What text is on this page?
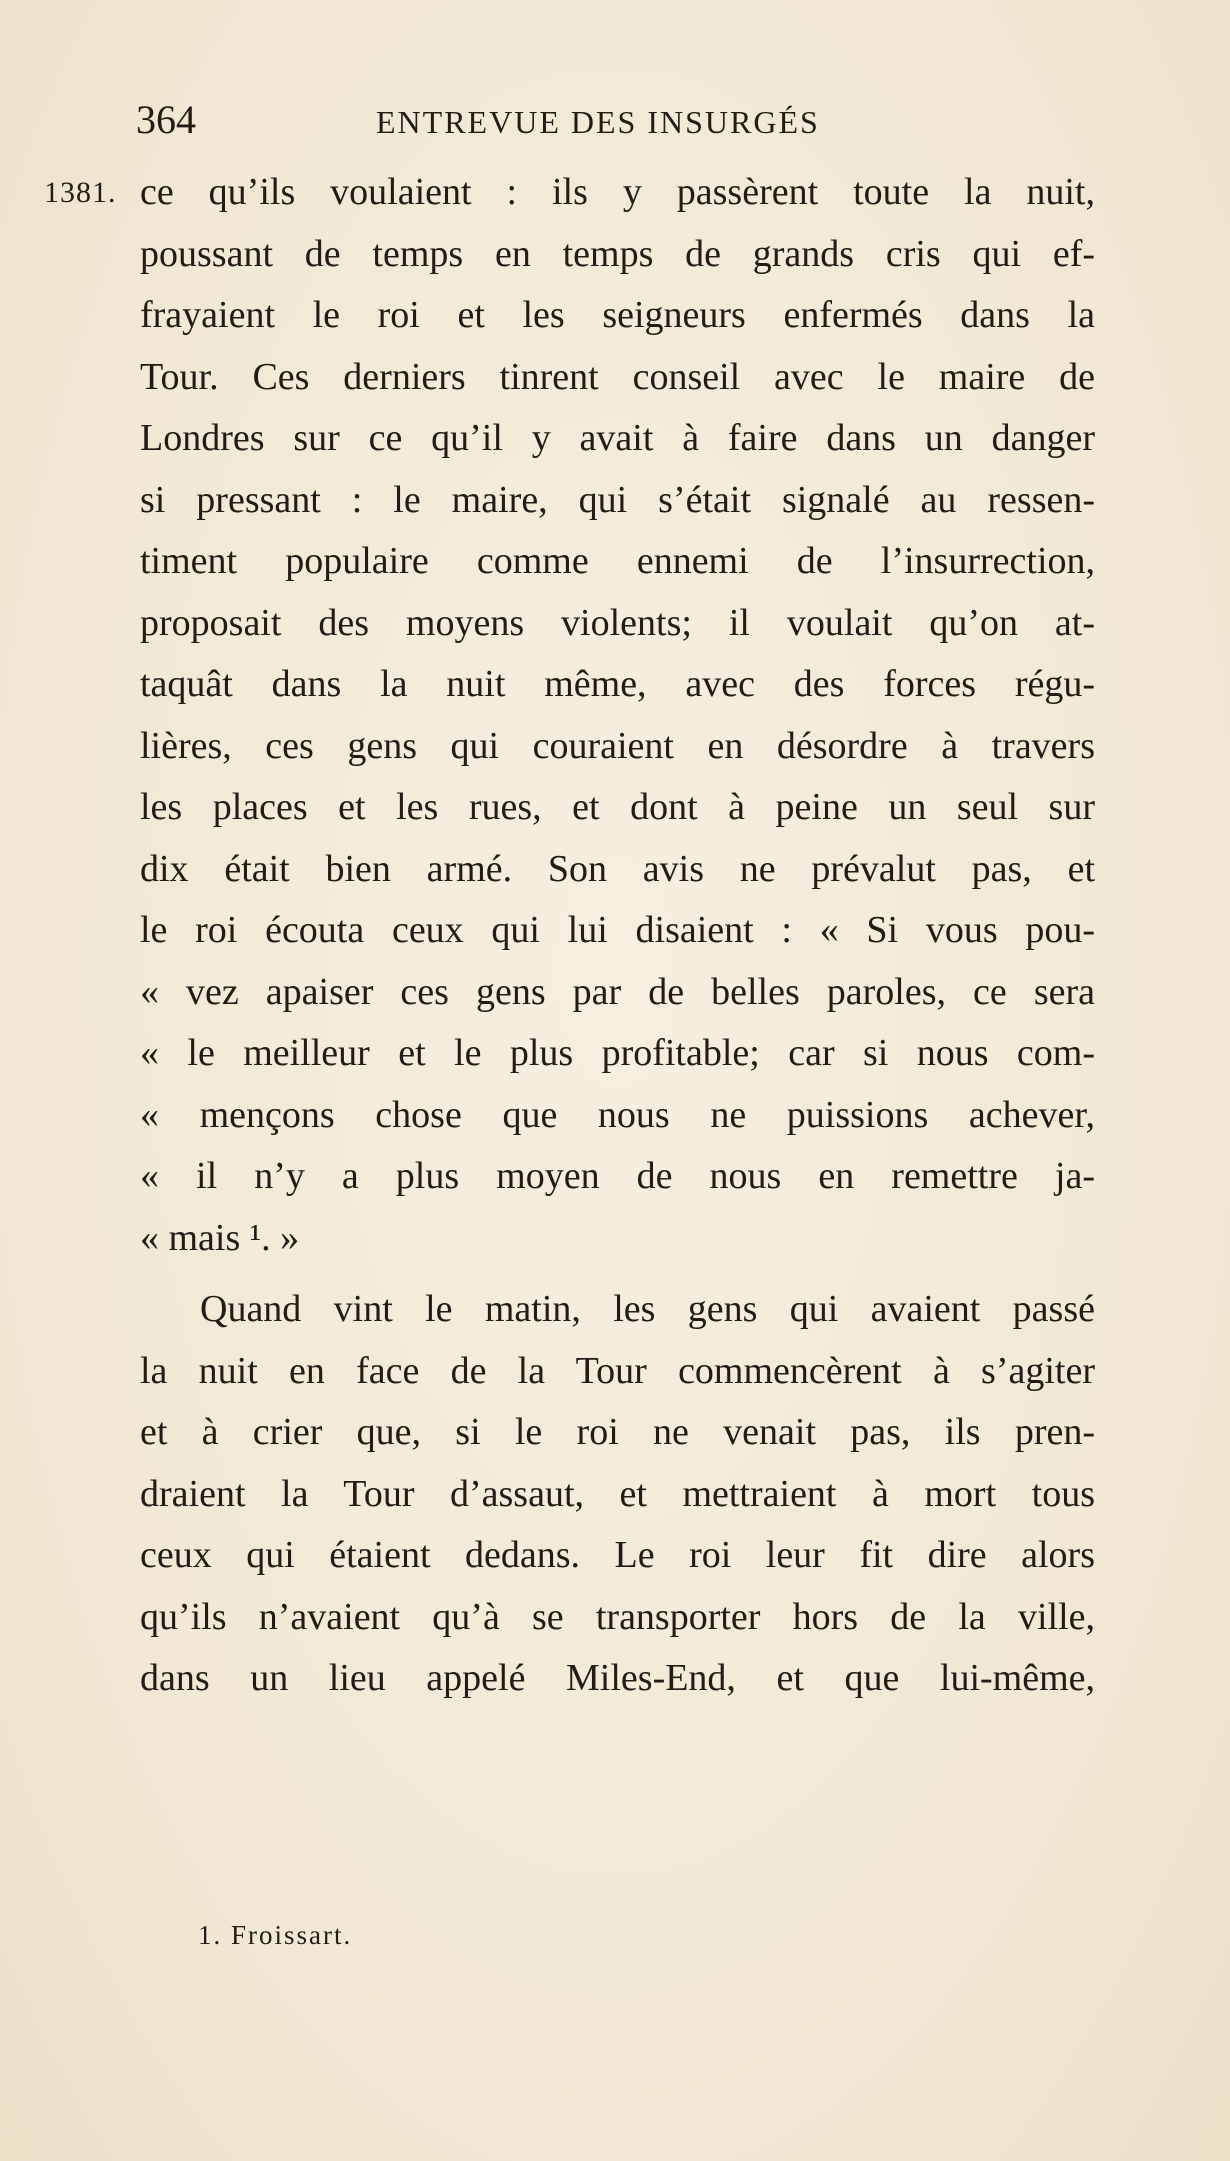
364	ENTREVUE DES INSURGÉS
1381. ce qu’ils voulaient : ils y passèrent toute la nuit,
poussant de temps en temps de grands cris qui ef-
frayaient le roi et les seigneurs enfermés dans la
Tour. Ces derniers tinrent conseil avec le maire de
Londres sur ce qu’il y avait à faire dans un danger
si pressant : le maire, qui s’était signalé au ressen-
timent populaire comme ennemi de l’insurrection,
proposait des moyens violents; il voulait qu’on at-
taquât dans la nuit même, avec des forces régu-
lières, ces gens qui couraient en désordre à travers
les places et les rues, et dont à peine un seul sur
dix était bien armé. Son avis ne prévalut pas, et
le roi écouta ceux qui lui disaient : « Si vous pou-
« vez apaiser ces gens par de belles paroles, ce sera
« le meilleur et le plus profitable; car si nous com-
« mençons chose que nous ne puissions achever,
« il n’y a plus moyen de nous en remettre ja-
« mais ¹. »
Quand vint le matin, les gens qui avaient passé
la nuit en face de la Tour commencèrent à s’agiter
et à crier que, si le roi ne venait pas, ils pren-
draient la Tour d’assaut, et mettraient à mort tous
ceux qui étaient dedans. Le roi leur fit dire alors
qu’ils n’avaient qu’à se transporter hors de la ville,
dans un lieu appelé Miles-End, et que lui-même,
1. Froissart.
